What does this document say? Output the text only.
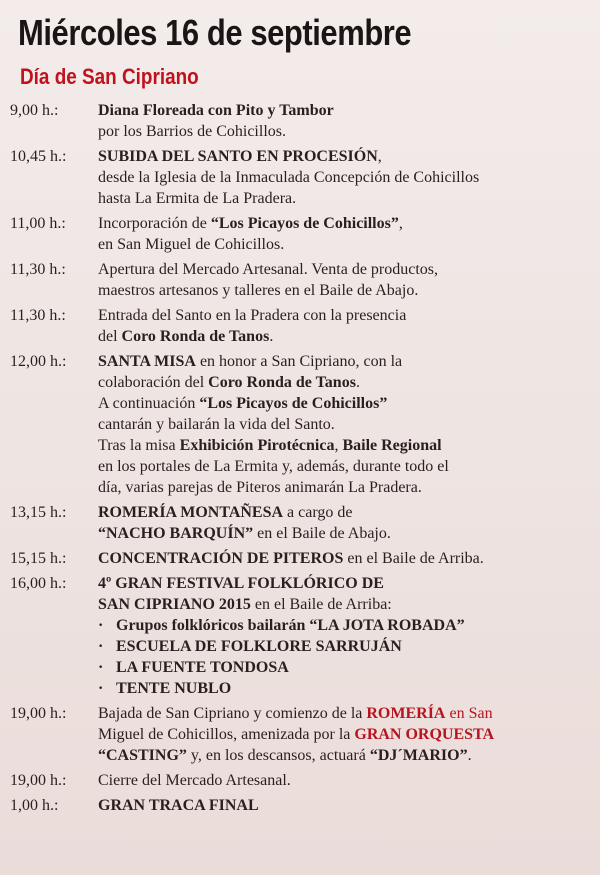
Miércoles 16 de septiembre
Día de San Cipriano
9,00 h.: Diana Floreada con Pito y Tambor
por los Barrios de Cohicillos.
10,45 h.: SUBIDA DEL SANTO EN PROCESIÓN,
desde la Iglesia de la Inmaculada Concepción de Cohicillos
hasta La Ermita de La Pradera.
11,00 h.: Incorporación de “Los Picayos de Cohicillos”,
en San Miguel de Cohicillos.
11,30 h.: Apertura del Mercado Artesanal. Venta de productos,
maestros artesanos y talleres en el Baile de Abajo.
11,30 h.: Entrada del Santo en la Pradera con la presencia
del Coro Ronda de Tanos.
12,00 h.: SANTA MISA en honor a San Cipriano, con la
colaboración del Coro Ronda de Tanos.
A continuación “Los Picayos de Cohicillos”
cantarán y bailarán la vida del Santo.
Tras la misa Exhibición Pirotécnica, Baile Regional
en los portales de La Ermita y, además, durante todo el
día, varias parejas de Piteros animarán La Pradera.
13,15 h.: ROMERÍA MONTAÑESA a cargo de
“NACHO BARQUÍN” en el Baile de Abajo.
15,15 h.: CONCENTRACIÓN DE PITEROS en el Baile de Arriba.
16,00 h.: 4º GRAN FESTIVAL FOLKLÓRICO DE
SAN CIPRIANO 2015 en el Baile de Arriba:
· Grupos folklóricos bailarán “LA JOTA ROBADA”
· ESCUELA DE FOLKLORE SARRUJÁN
· LA FUENTE TONDOSA
· TENTE NUBLO
19,00 h.: Bajada de San Cipriano y comienzo de la ROMERÍA en San
Miguel de Cohicillos, amenizada por la GRAN ORQUESTA
“CASTING” y, en los descansos, actuará “DJ´MARIO”.
19,00 h.: Cierre del Mercado Artesanal.
1,00 h.: GRAN TRACA FINAL
